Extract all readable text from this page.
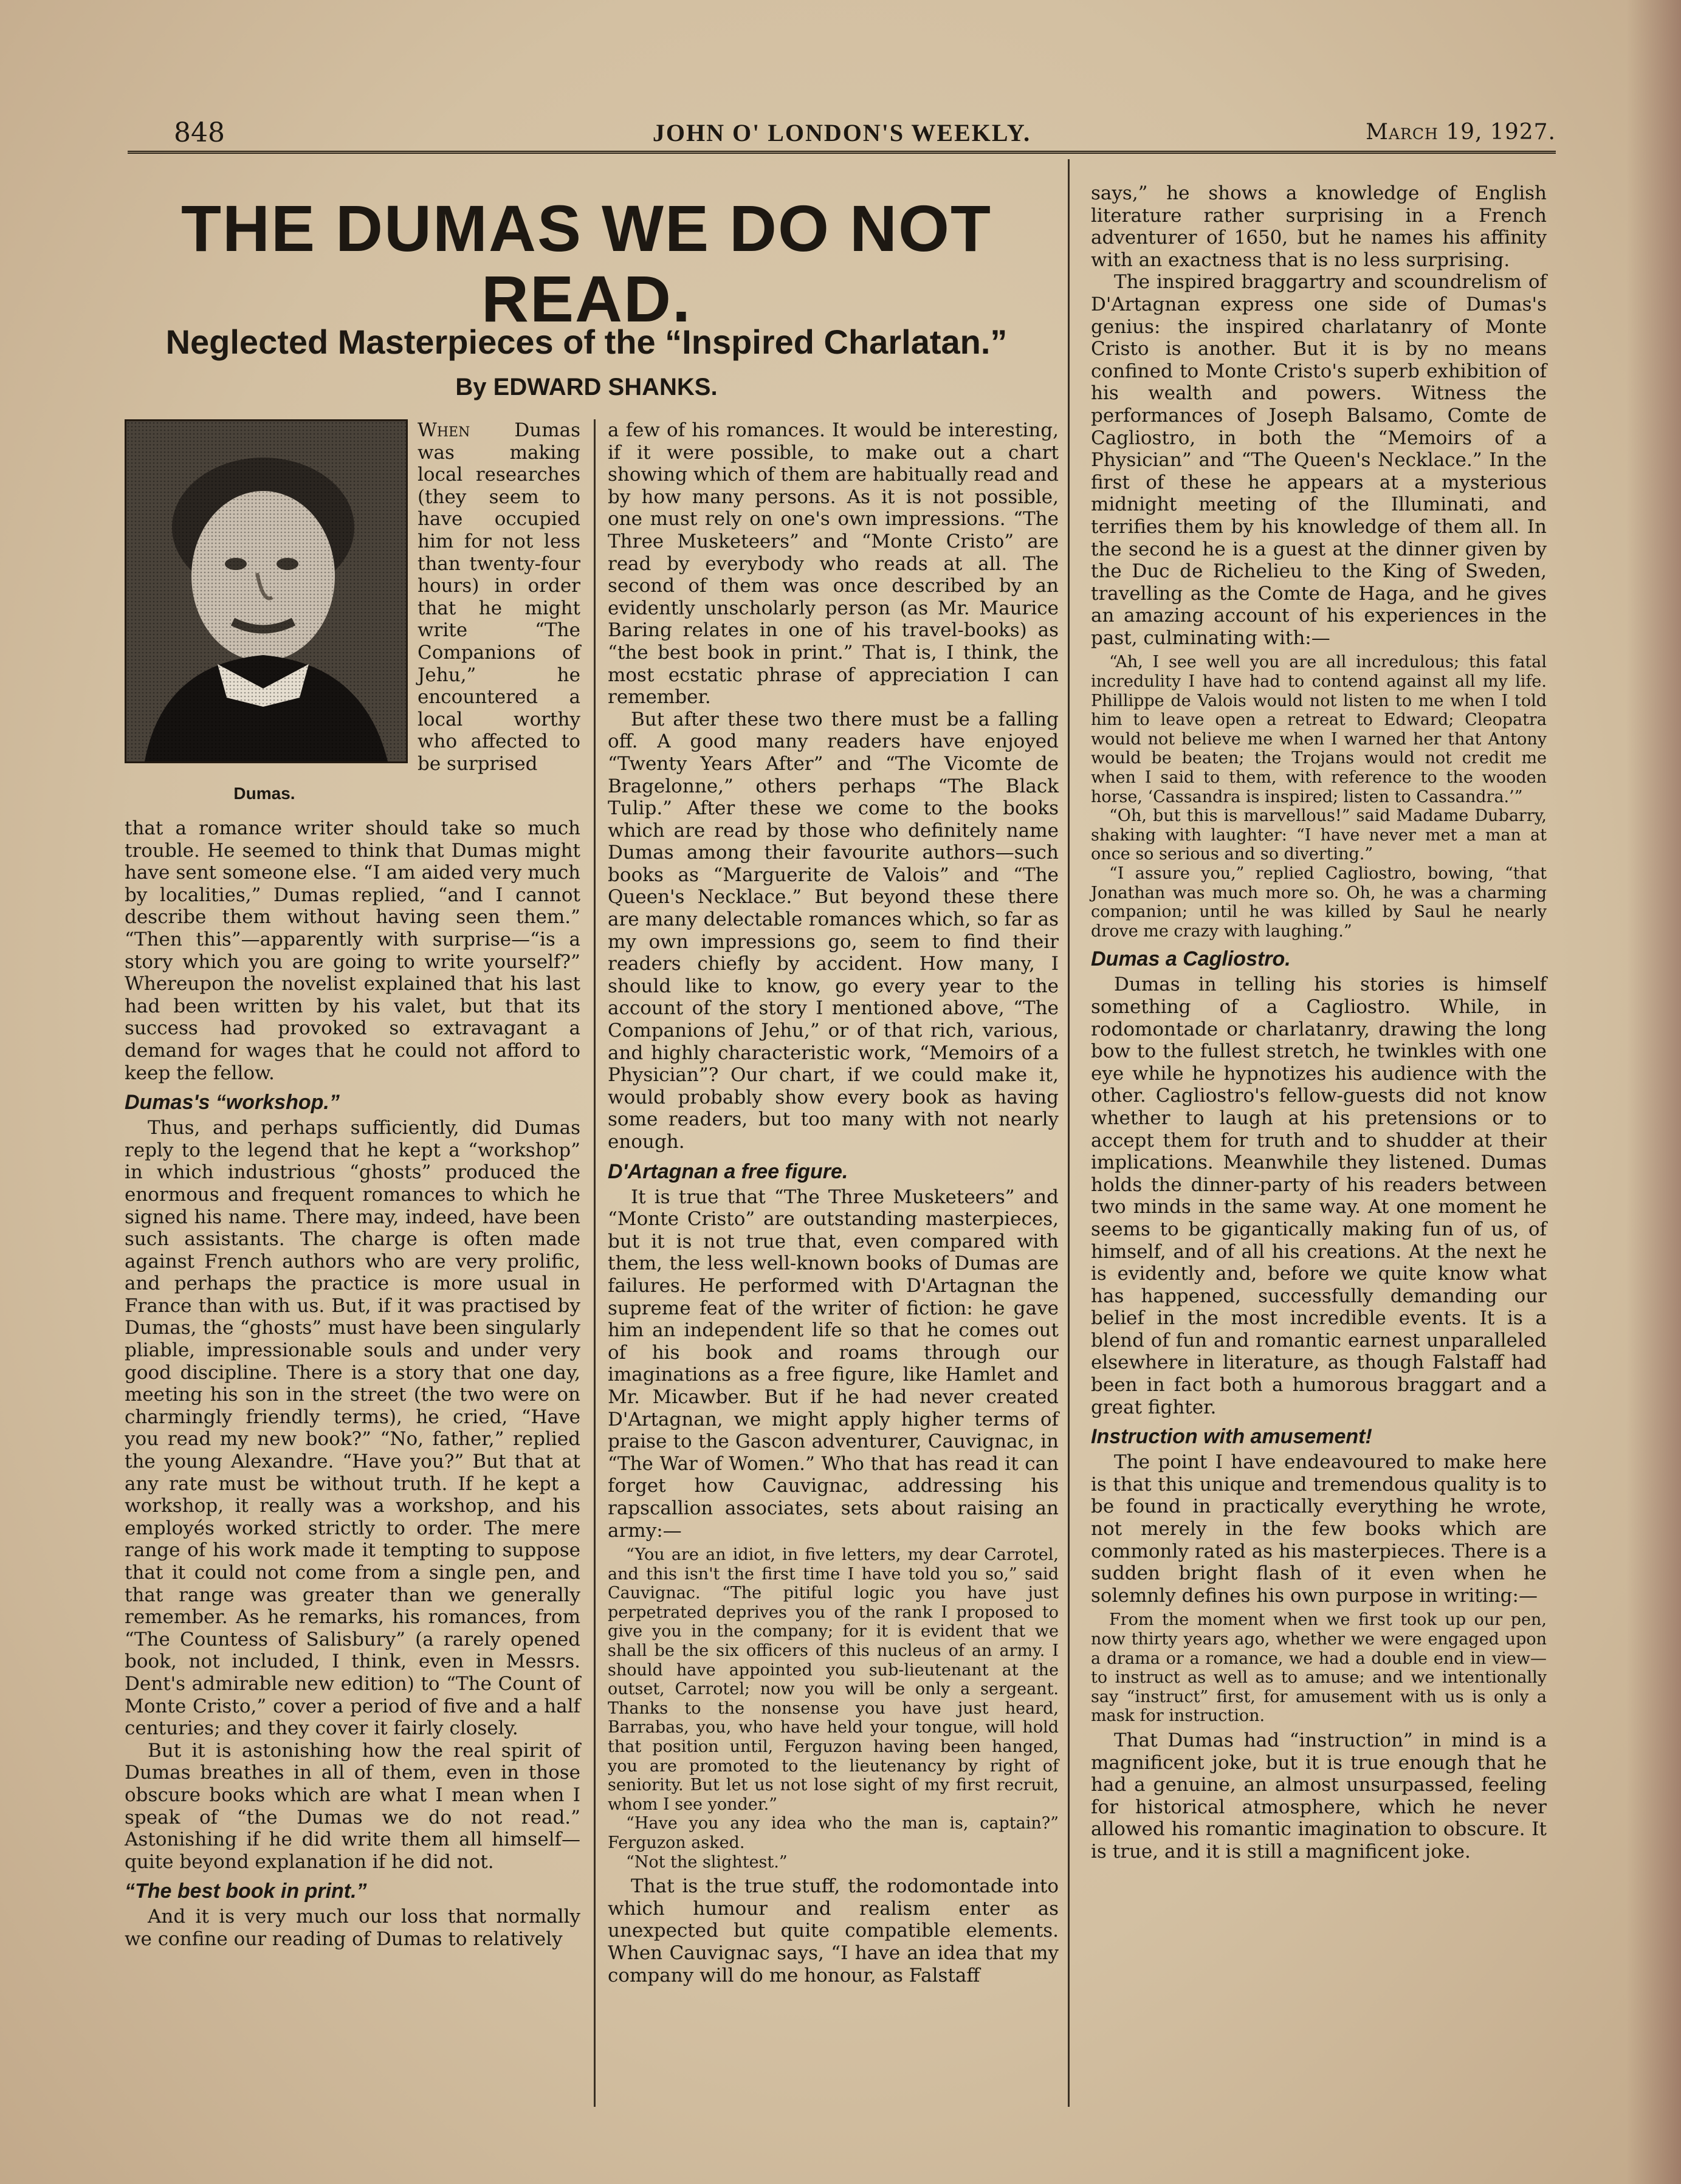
848	JOHN O' LONDON'S WEEKLY.	March 19, 1927.
THE DUMAS WE DO NOT READ.
Neglected Masterpieces of the “Inspired Charlatan.”
By EDWARD SHANKS.
Dumas.

When Dumas was making local researches (they seem to have occupied him for not less than twenty-four hours) in order that he might write “The Companions of Jehu,” he encountered a local worthy who affected to be surprised

that a romance writer should take so much trouble. He seemed to think that Dumas might have sent someone else. “I am aided very much by localities,” Dumas replied, “and I cannot describe them without having seen them.” “Then this”—apparently with surprise—“is a story which you are going to write yourself?” Whereupon the novelist explained that his last had been written by his valet, but that its success had provoked so extravagant a demand for wages that he could not afford to keep the fellow.

Dumas's “workshop.”

Thus, and perhaps sufficiently, did Dumas reply to the legend that he kept a “workshop” in which industrious “ghosts” produced the enormous and frequent romances to which he signed his name. There may, indeed, have been such assistants. The charge is often made against French authors who are very prolific, and perhaps the practice is more usual in France than with us. But, if it was practised by Dumas, the “ghosts” must have been singularly pliable, impressionable souls and under very good discipline. There is a story that one day, meeting his son in the street (the two were on charmingly friendly terms), he cried, “Have you read my new book?” “No, father,” replied the young Alexandre. “Have you?” But that at any rate must be without truth. If he kept a workshop, it really was a workshop, and his employés worked strictly to order. The mere range of his work made it tempting to suppose that it could not come from a single pen, and that range was greater than we generally remember. As he remarks, his romances, from “The Countess of Salisbury” (a rarely opened book, not included, I think, even in Messrs. Dent's admirable new edition) to “The Count of Monte Cristo,” cover a period of five and a half centuries; and they cover it fairly closely.

But it is astonishing how the real spirit of Dumas breathes in all of them, even in those obscure books which are what I mean when I speak of “the Dumas we do not read.” Astonishing if he did write them all himself—quite beyond explanation if he did not.

“The best book in print.”

And it is very much our loss that normally we confine our reading of Dumas to relatively

a few of his romances. It would be interesting, if it were possible, to make out a chart showing which of them are habitually read and by how many persons. As it is not possible, one must rely on one's own impressions. “The Three Musketeers” and “Monte Cristo” are read by everybody who reads at all. The second of them was once described by an evidently unscholarly person (as Mr. Maurice Baring relates in one of his travel-books) as “the best book in print.” That is, I think, the most ecstatic phrase of appreciation I can remember.

But after these two there must be a falling off. A good many readers have enjoyed “Twenty Years After” and “The Vicomte de Bragelonne,” others perhaps “The Black Tulip.” After these we come to the books which are read by those who definitely name Dumas among their favourite authors—such books as “Marguerite de Valois” and “The Queen's Necklace.” But beyond these there are many delectable romances which, so far as my own impressions go, seem to find their readers chiefly by accident. How many, I should like to know, go every year to the account of the story I mentioned above, “The Companions of Jehu,” or of that rich, various, and highly characteristic work, “Memoirs of a Physician”? Our chart, if we could make it, would probably show every book as having some readers, but too many with not nearly enough.

D'Artagnan a free figure.

It is true that “The Three Musketeers” and “Monte Cristo” are outstanding masterpieces, but it is not true that, even compared with them, the less well-known books of Dumas are failures. He performed with D'Artagnan the supreme feat of the writer of fiction: he gave him an independent life so that he comes out of his book and roams through our imaginations as a free figure, like Hamlet and Mr. Micawber. But if he had never created D'Artagnan, we might apply higher terms of praise to the Gascon adventurer, Cauvignac, in “The War of Women.” Who that has read it can forget how Cauvignac, addressing his rapscallion associates, sets about raising an army:—

“You are an idiot, in five letters, my dear Carrotel, and this isn't the first time I have told you so,” said Cauvignac. “The pitiful logic you have just perpetrated deprives you of the rank I proposed to give you in the company; for it is evident that we shall be the six officers of this nucleus of an army. I should have appointed you sub-lieutenant at the outset, Carrotel; now you will be only a sergeant. Thanks to the nonsense you have just heard, Barrabas, you, who have held your tongue, will hold that position until, Ferguzon having been hanged, you are promoted to the lieutenancy by right of seniority. But let us not lose sight of my first recruit, whom I see yonder.”

“Have you any idea who the man is, captain?” Ferguzon asked.

“Not the slightest.”

That is the true stuff, the rodomontade into which humour and realism enter as unexpected but quite compatible elements. When Cauvignac says, “I have an idea that my company will do me honour, as Falstaff

says,” he shows a knowledge of English literature rather surprising in a French adventurer of 1650, but he names his affinity with an exactness that is no less surprising.

The inspired braggartry and scoundrelism of D'Artagnan express one side of Dumas's genius: the inspired charlatanry of Monte Cristo is another. But it is by no means confined to Monte Cristo's superb exhibition of his wealth and powers. Witness the performances of Joseph Balsamo, Comte de Cagliostro, in both the “Memoirs of a Physician” and “The Queen's Necklace.” In the first of these he appears at a mysterious midnight meeting of the Illuminati, and terrifies them by his knowledge of them all. In the second he is a guest at the dinner given by the Duc de Richelieu to the King of Sweden, travelling as the Comte de Haga, and he gives an amazing account of his experiences in the past, culminating with:—

“Ah, I see well you are all incredulous; this fatal incredulity I have had to contend against all my life. Phillippe de Valois would not listen to me when I told him to leave open a retreat to Edward; Cleopatra would not believe me when I warned her that Antony would be beaten; the Trojans would not credit me when I said to them, with reference to the wooden horse, ‘Cassandra is inspired; listen to Cassandra.’”

“Oh, but this is marvellous!” said Madame Dubarry, shaking with laughter: “I have never met a man at once so serious and so diverting.”

“I assure you,” replied Cagliostro, bowing, “that Jonathan was much more so. Oh, he was a charming companion; until he was killed by Saul he nearly drove me crazy with laughing.”

Dumas a Cagliostro.

Dumas in telling his stories is himself something of a Cagliostro. While, in rodomontade or charlatanry, drawing the long bow to the fullest stretch, he twinkles with one eye while he hypnotizes his audience with the other. Cagliostro's fellow-guests did not know whether to laugh at his pretensions or to accept them for truth and to shudder at their implications. Meanwhile they listened. Dumas holds the dinner-party of his readers between two minds in the same way. At one moment he seems to be gigantically making fun of us, of himself, and of all his creations. At the next he is evidently and, before we quite know what has happened, successfully demanding our belief in the most incredible events. It is a blend of fun and romantic earnest unparalleled elsewhere in literature, as though Falstaff had been in fact both a humorous braggart and a great fighter.

Instruction with amusement!

The point I have endeavoured to make here is that this unique and tremendous quality is to be found in practically everything he wrote, not merely in the few books which are commonly rated as his masterpieces. There is a sudden bright flash of it even when he solemnly defines his own purpose in writing:—

From the moment when we first took up our pen, now thirty years ago, whether we were engaged upon a drama or a romance, we had a double end in view—to instruct as well as to amuse; and we intentionally say “instruct” first, for amusement with us is only a mask for instruction.

That Dumas had “instruction” in mind is a magnificent joke, but it is true enough that he had a genuine, an almost unsurpassed, feeling for historical atmosphere, which he never allowed his romantic imagination to obscure. It is true, and it is still a magnificent joke.
